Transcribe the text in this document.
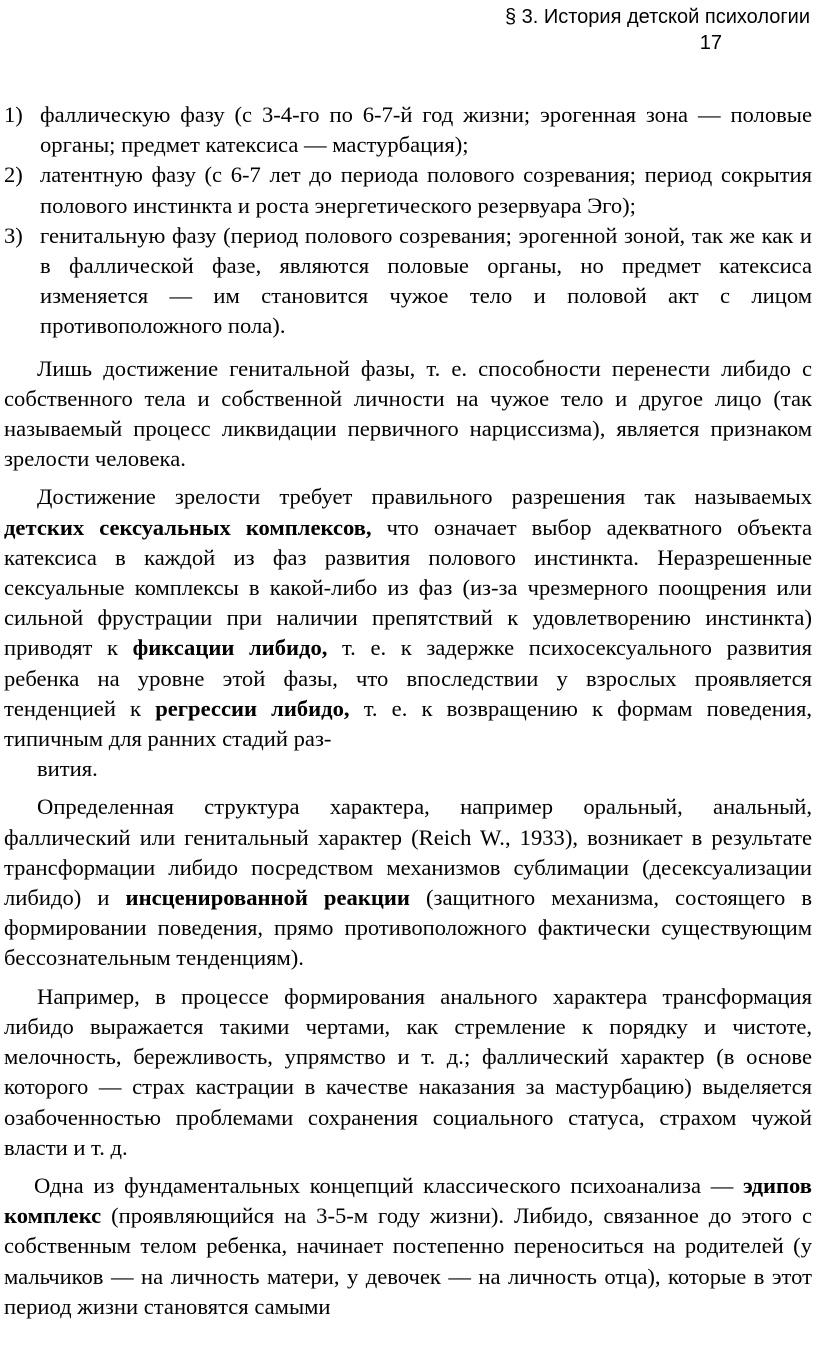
§ 3. История детской психологии
17
1) фаллическую фазу (с 3-4-го по 6-7-й год жизни; эрогенная зона — половые органы; предмет катексиса — мастурбация);
2) латентную фазу (с 6-7 лет до периода полового созревания; период сокрытия полового инстинкта и роста энергетического резервуара Эго);
3) генитальную фазу (период полового созревания; эрогенной зоной, так же как и в фаллической фазе, являются половые органы, но предмет катексиса изменяется — им становится чужое тело и половой акт с лицом противоположного пола).

Лишь достижение генитальной фазы, т. е. способности перенести либидо с собственного тела и собственной личности на чужое тело и другое лицо (так называемый процесс ликвидации первичного нарциссизма), является признаком зрелости человека.

Достижение зрелости требует правильного разрешения так называемых детских сексуальных комплексов, что означает выбор адекватного объекта катексиса в каждой из фаз развития полового инстинкта. Неразрешенные сексуальные комплексы в какой-либо из фаз (из-за чрезмерного поощрения или сильной фрустрации при наличии препятствий к удовлетворению инстинкта) приводят к фиксации либидо, т. е. к задержке психосексуального развития ребенка на уровне этой фазы, что впоследствии у взрослых проявляется тенденцией к регрессии либидо, т. е. к возвращению к формам поведения, типичным для ранних стадий раз-

вития.

Определенная структура характера, например оральный, анальный, фаллический или генитальный характер (Reich W., 1933), возникает в результате трансформации либидо посредством механизмов сублимации (десексуализации либидо) и инсценированной реакции (защитного механизма, состоящего в формировании поведения, прямо противоположного фактически существующим бессознательным тенденциям).

Например, в процессе формирования анального характера трансформация либидо выражается такими чертами, как стремление к порядку и чистоте, мелочность, бережливость, упрямство и т. д.; фаллический характер (в основе которого — страх кастрации в качестве наказания за мастурбацию) выделяется озабоченностью проблемами сохранения социального статуса, страхом чужой власти и т. д.

Одна из фундаментальных концепций классического психоанализа — эдипов комплекс (проявляющийся на 3-5-м году жизни). Либидо, связанное до этого с собственным телом ребенка, начинает постепенно переноситься на родителей (у мальчиков — на личность матери, у девочек — на личность отца), которые в этот период жизни становятся самыми
